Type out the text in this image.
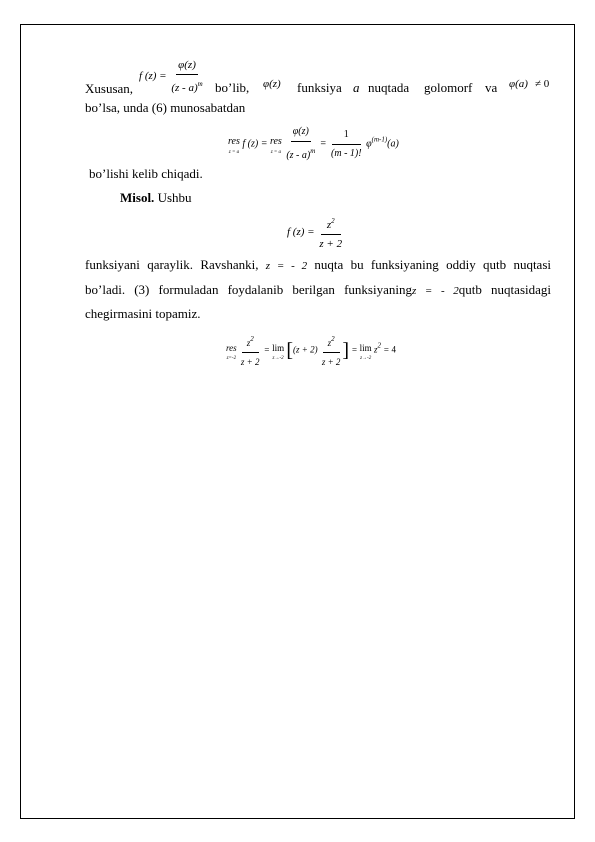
f $(z) = \frac{\varphi(z)}{(z - a)^m}$
Xususan,	bo’lib, φ(z) funksiya a nuqtada golomorf va φ(a) ≠ 0
bo’lsa, unda (6) munosabatdan
res
z = a
f (z) = res
z = a
$\frac{\varphi(z)}{(z - a)^m} = \frac{1}{(m - 1)!} \varphi^{(m-1)}(a)$
bo’lishi kelib chiqadi.
Misol. Ushbu
f $(z) = \frac{z^2}{z + 2}$
funksiyani qaraylik. Ravshanki, z = - 2 nuqta bu funksiyaning oddiy qutb nuqtasi
bo’ladi. (3) formuladan foydalanib berilgan funksiyaningz = - 2qutb nuqtasidagi
chegirmasini topamiz.
res
z=-2
$\frac{z^2}{z + 2} = \lim$
z→-2 [$(z + 2) \frac{z^2}{z + 2}$ ] = lim
z→-2
$z^2 = 4$
